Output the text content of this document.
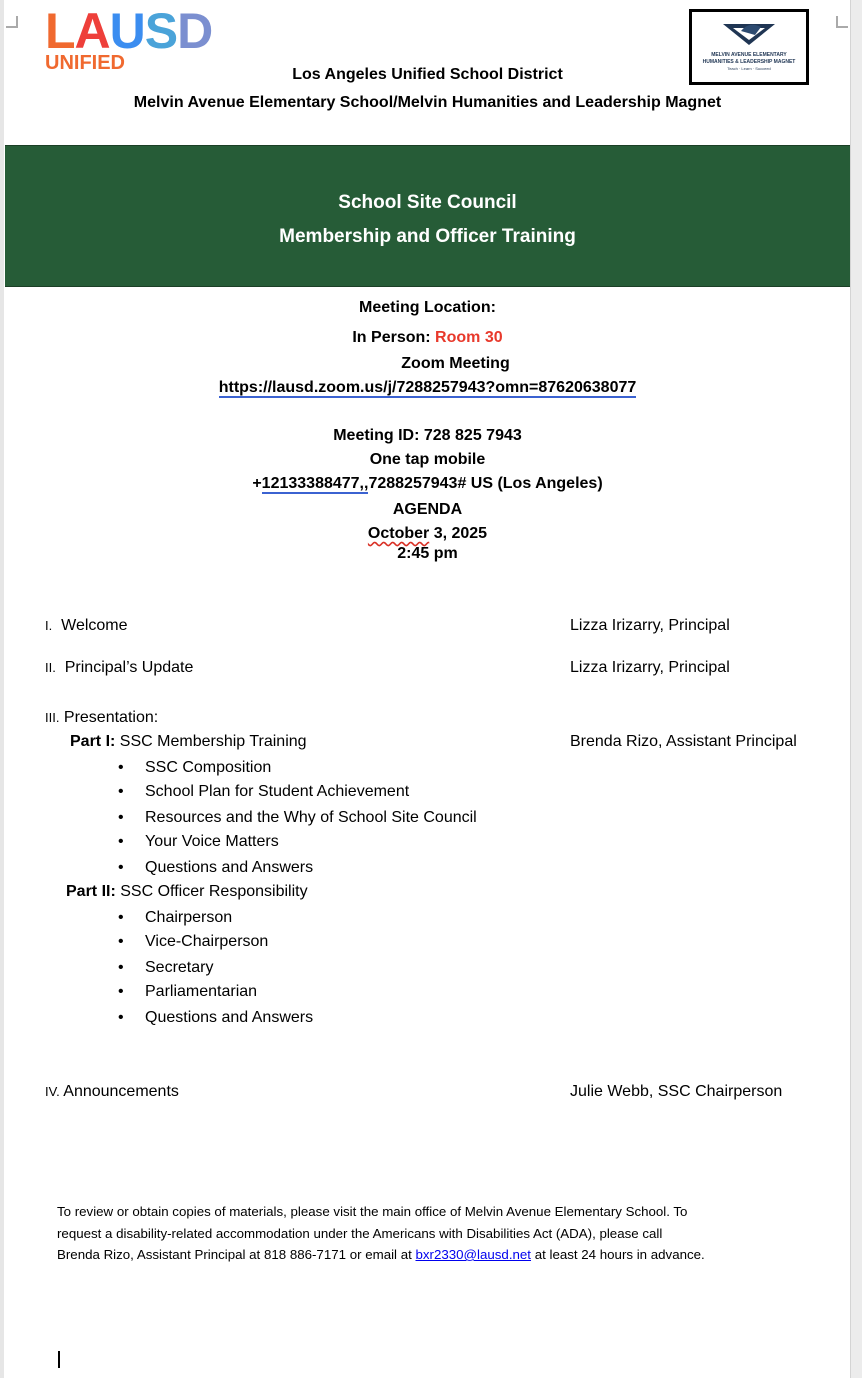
LAUSD
UNIFIED	MELVIN AVENUE ELEMENTARY
HUMANITIES & LEADERSHIP MAGNET
Teach · Learn · Succeed
Los Angeles Unified School District
Melvin Avenue Elementary School/Melvin Humanities and Leadership Magnet
School Site Council
Membership and Officer Training
Meeting Location:
In Person: Room 30
Zoom Meeting
https://lausd.zoom.us/j/7288257943?omn=87620638077
Meeting ID: 728 825 7943
One tap mobile
+12133388477,,7288257943# US (Los Angeles)
AGENDA
October 3, 2025
2:45 pm
I. Welcome	Lizza Irizarry, Principal
II. Principal’s Update	Lizza Irizarry, Principal
III. Presentation:
Part I: SSC Membership Training	Brenda Rizo, Assistant Principal
• SSC Composition
• School Plan for Student Achievement
• Resources and the Why of School Site Council
• Your Voice Matters
• Questions and Answers
Part II: SSC Officer Responsibility
• Chairperson
• Vice-Chairperson
• Secretary
• Parliamentarian
• Questions and Answers
IV. Announcements	Julie Webb, SSC Chairperson
To review or obtain copies of materials, please visit the main office of Melvin Avenue Elementary School. To
request a disability-related accommodation under the Americans with Disabilities Act (ADA), please call
Brenda Rizo, Assistant Principal at 818 886-7171 or email at bxr2330@lausd.net at least 24 hours in advance.
